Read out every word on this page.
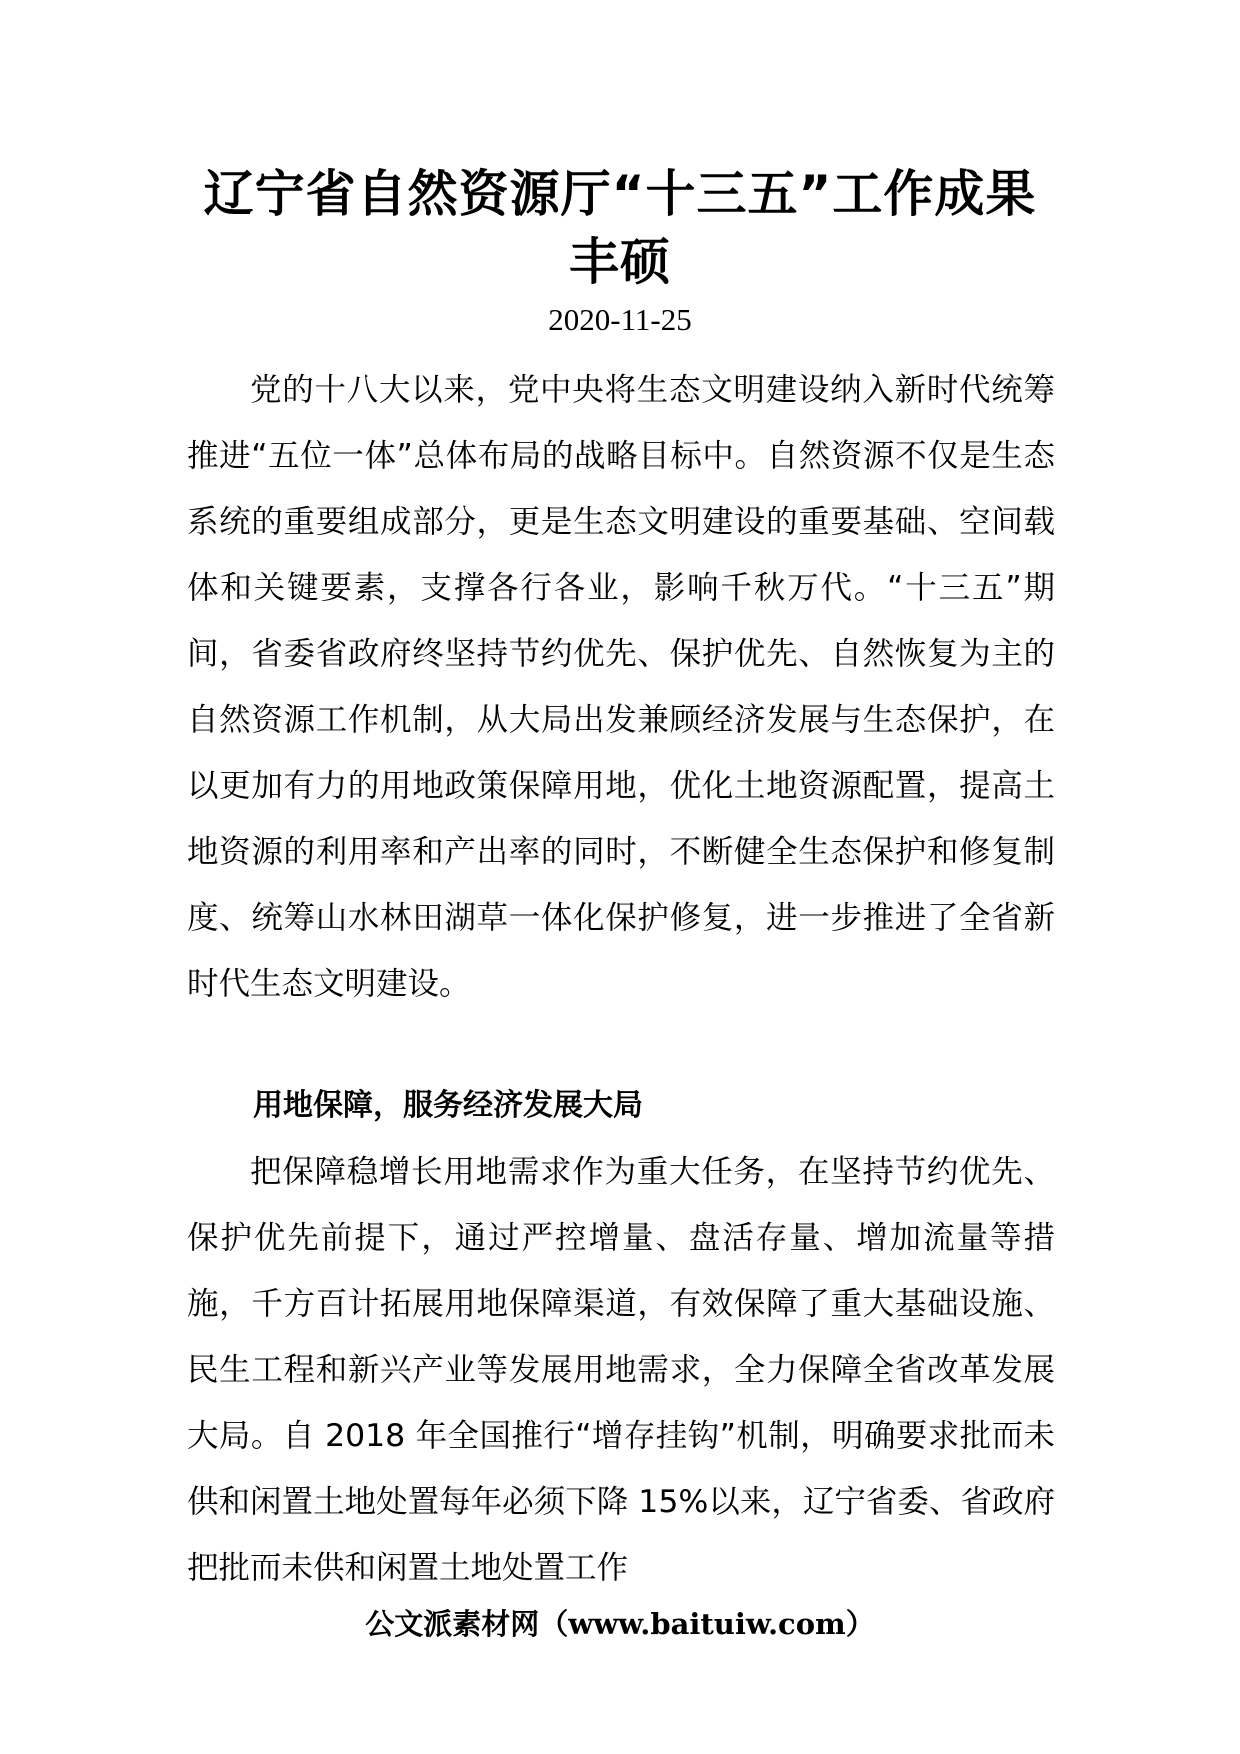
辽宁省自然资源厅“十三五”工作成果丰硕
2020-11-25

党的十八大以来，党中央将生态文明建设纳入新时代统筹推进“五位一体”总体布局的战略目标中。自然资源不仅是生态系统的重要组成部分，更是生态文明建设的重要基础、空间载体和关键要素，支撑各行各业，影响千秋万代。“十三五”期间，省委省政府终坚持节约优先、保护优先、自然恢复为主的自然资源工作机制，从大局出发兼顾经济发展与生态保护，在以更加有力的用地政策保障用地，优化土地资源配置，提高土地资源的利用率和产出率的同时，不断健全生态保护和修复制度、统筹山水林田湖草一体化保护修复，进一步推进了全省新时代生态文明建设。

用地保障，服务经济发展大局

把保障稳增长用地需求作为重大任务，在坚持节约优先、保护优先前提下，通过严控增量、盘活存量、增加流量等措施，千方百计拓展用地保障渠道，有效保障了重大基础设施、民生工程和新兴产业等发展用地需求，全力保障全省改革发展大局。自 2018 年全国推行“增存挂钩”机制，明确要求批而未供和闲置土地处置每年必须下降 15%以来，辽宁省委、省政府把批而未供和闲置土地处置工作

公文派素材网（www.baituiw.com）
